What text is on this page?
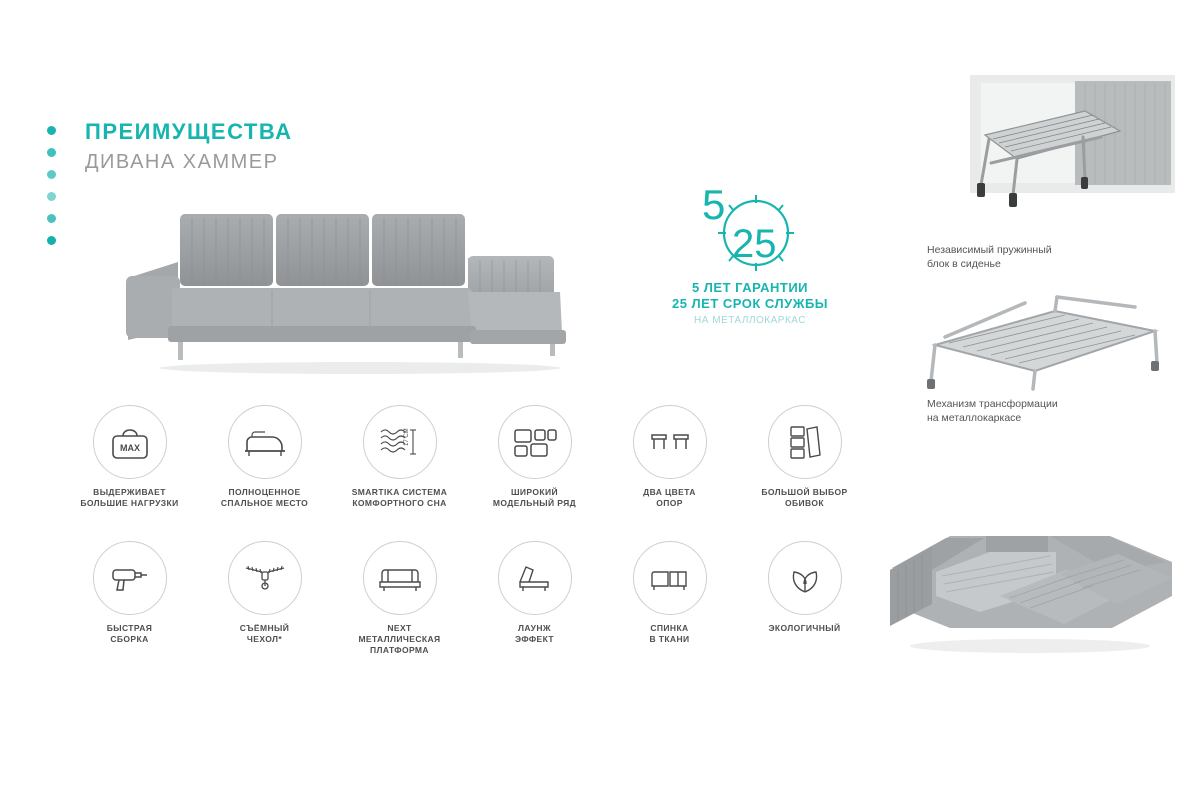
ПРЕИМУЩЕСТВА
ДИВАНА ХАММЕР
5
25
5 ЛЕТ ГАРАНТИИ
25 ЛЕТ СРОК СЛУЖБЫ
НА МЕТАЛЛОКАРКАС
MAX
ВЫДЕРЖИВАЕТ
БОЛЬШИЕ НАГРУЗКИ
ПОЛНОЦЕННОЕ
СПАЛЬНОЕ МЕСТО
17 СМ
SMARTIKA СИСТЕМА
КОМФОРТНОГО СНА
ШИРОКИЙ
МОДЕЛЬНЫЙ РЯД
ДВА ЦВЕТА
ОПОР
БОЛЬШОЙ ВЫБОР
ОБИВОК
БЫСТРАЯ
СБОРКА
СЪЁМНЫЙ
ЧЕХОЛ*
NEXT
МЕТАЛЛИЧЕСКАЯ
ПЛАТФОРМА
ЛАУНЖ
ЭФФЕКТ
СПИНКА
В ТКАНИ
ЭКОЛОГИЧНЫЙ
Независимый пружинный
блок в сиденье
Механизм трансформации
на металлокаркасе
